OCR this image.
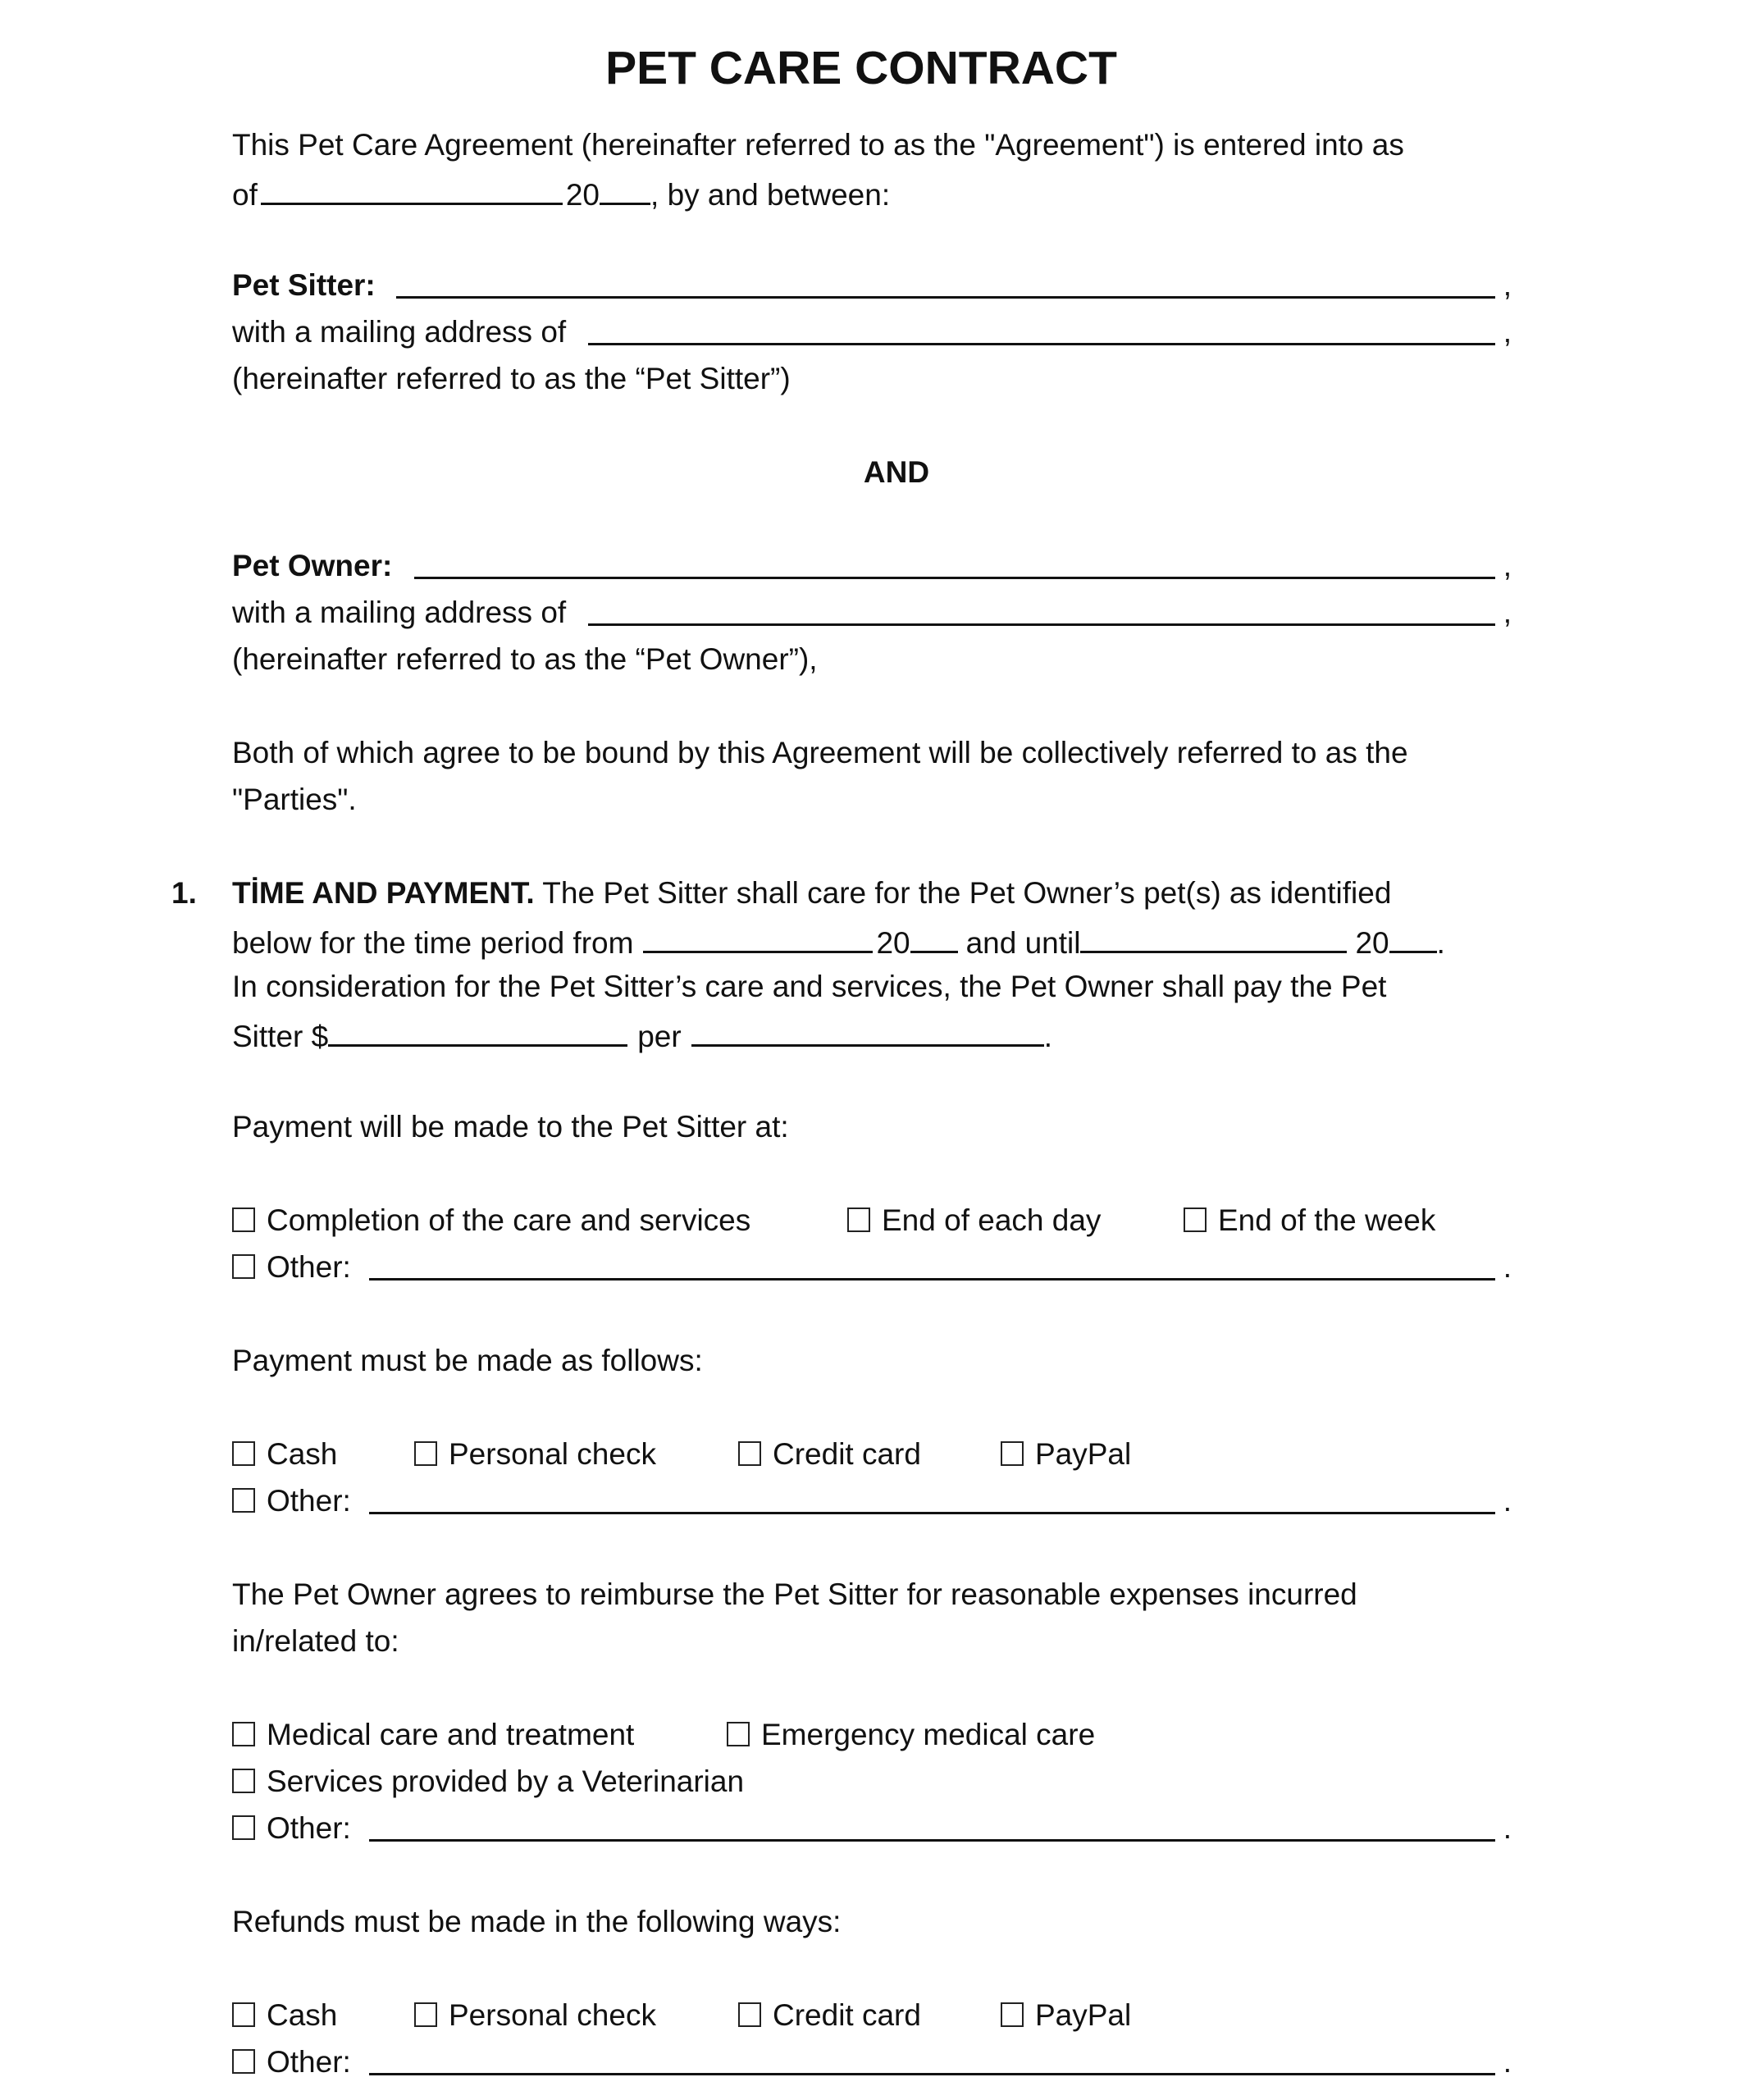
PET CARE CONTRACT
This Pet Care Agreement (hereinafter referred to as the "Agreement") is entered into as
of	20 , by and between:
Pet Sitter:	,
with a mailing address of	,
(hereinafter referred to as the “Pet Sitter”)
AND
Pet Owner:	,
with a mailing address of	,
(hereinafter referred to as the “Pet Owner”),
Both of which agree to be bound by this Agreement will be collectively referred to as the
"Parties".
1. TİME AND PAYMENT. The Pet Sitter shall care for the Pet Owner’s pet(s) as identified
below for the time period from	20 and until	20 .
In consideration for the Pet Sitter’s care and services, the Pet Owner shall pay the Pet
Sitter $	per	.
Payment will be made to the Pet Sitter at:
Completion of the care and services	End of each day	End of the week
Other:	.
Payment must be made as follows:
Cash	Personal check	Credit card	PayPal
Other:	.
The Pet Owner agrees to reimburse the Pet Sitter for reasonable expenses incurred
in/related to:
Medical care and treatment	Emergency medical care
Services provided by a Veterinarian
Other:	.
Refunds must be made in the following ways:
Cash	Personal check	Credit card	PayPal
Other:	.
